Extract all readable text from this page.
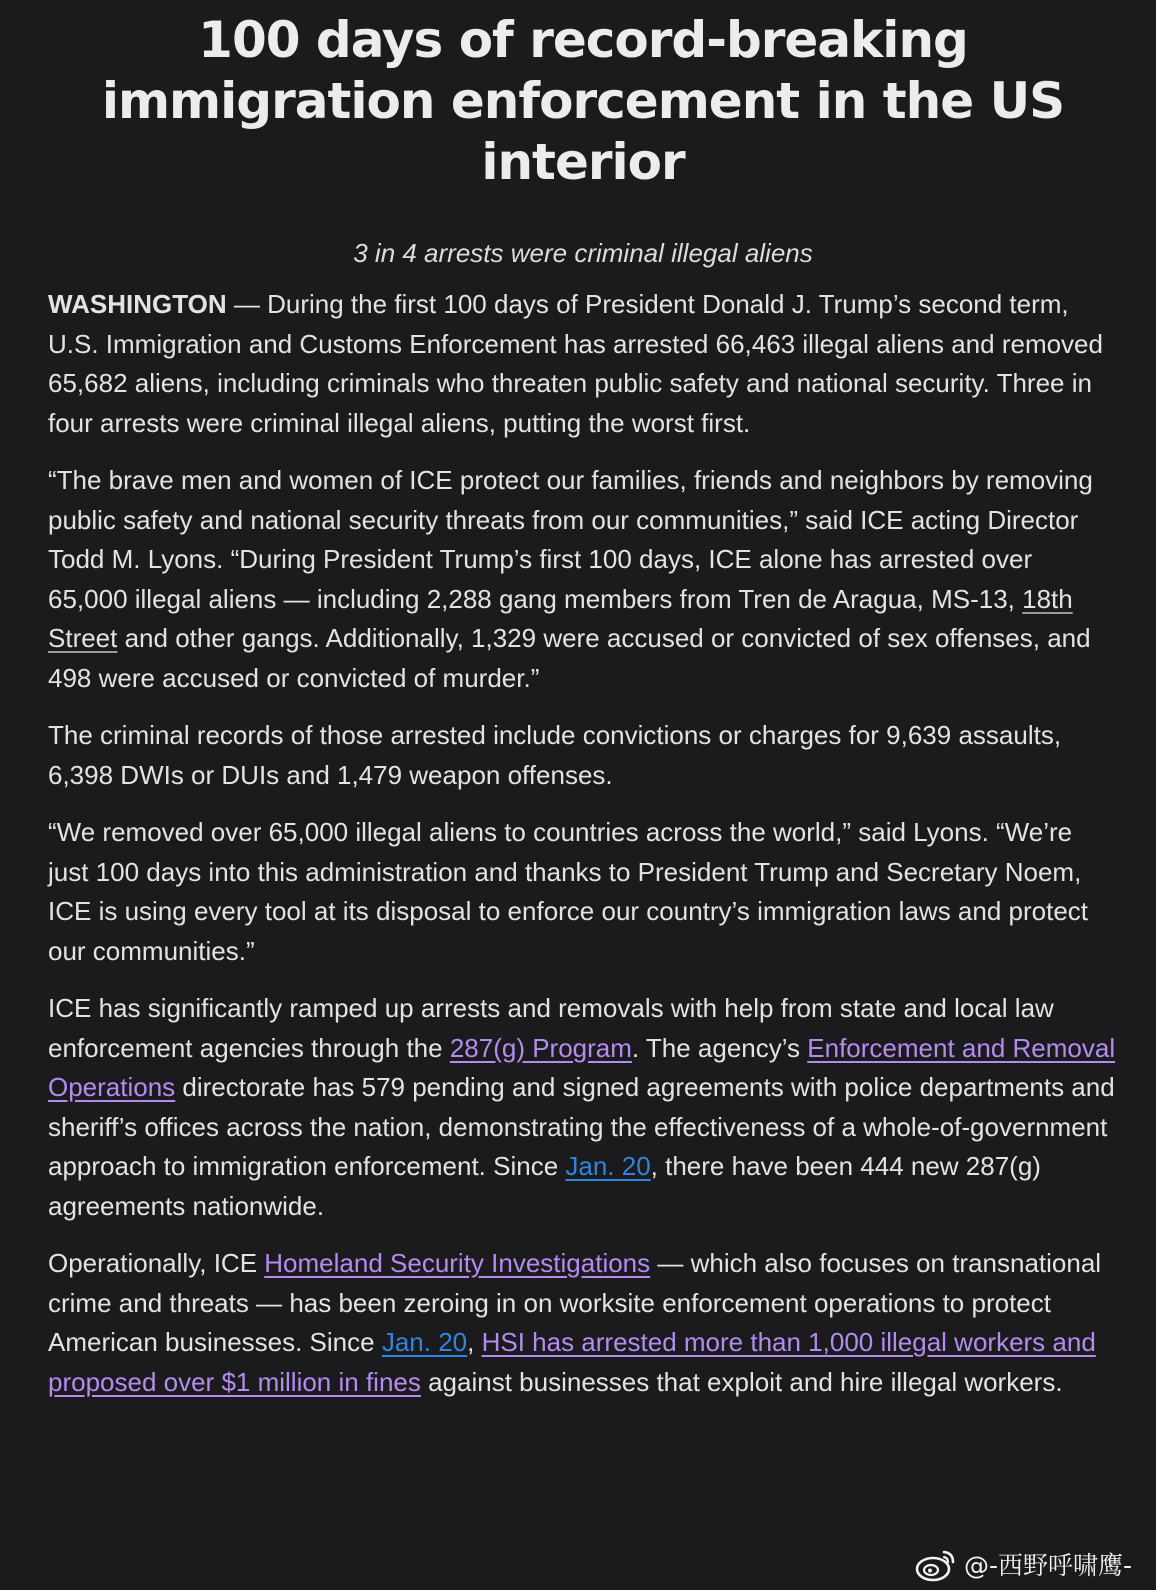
100 days of record-breaking immigration enforcement in the US interior
3 in 4 arrests were criminal illegal aliens

WASHINGTON — During the first 100 days of President Donald J. Trump’s second term, U.S. Immigration and Customs Enforcement has arrested 66,463 illegal aliens and removed 65,682 aliens, including criminals who threaten public safety and national security. Three in four arrests were criminal illegal aliens, putting the worst first.

“The brave men and women of ICE protect our families, friends and neighbors by removing public safety and national security threats from our communities,” said ICE acting Director Todd M. Lyons. “During President Trump’s first 100 days, ICE alone has arrested over 65,000 illegal aliens — including 2,288 gang members from Tren de Aragua, MS-13, 18th Street and other gangs. Additionally, 1,329 were accused or convicted of sex offenses, and 498 were accused or convicted of murder.”

The criminal records of those arrested include convictions or charges for 9,639 assaults, 6,398 DWIs or DUIs and 1,479 weapon offenses.

“We removed over 65,000 illegal aliens to countries across the world,” said Lyons. “We’re just 100 days into this administration and thanks to President Trump and Secretary Noem, ICE is using every tool at its disposal to enforce our country’s immigration laws and protect our communities.”

ICE has significantly ramped up arrests and removals with help from state and local law enforcement agencies through the 287(g) Program. The agency’s Enforcement and Removal Operations directorate has 579 pending and signed agreements with police departments and sheriff’s offices across the nation, demonstrating the effectiveness of a whole-of-government approach to immigration enforcement. Since Jan. 20, there have been 444 new 287(g) agreements nationwide.

Operationally, ICE Homeland Security Investigations — which also focuses on transnational crime and threats — has been zeroing in on worksite enforcement operations to protect American businesses. Since Jan. 20, HSI has arrested more than 1,000 illegal workers and proposed over $1 million in fines against businesses that exploit and hire illegal workers.

@-西野呼啸鹰-
